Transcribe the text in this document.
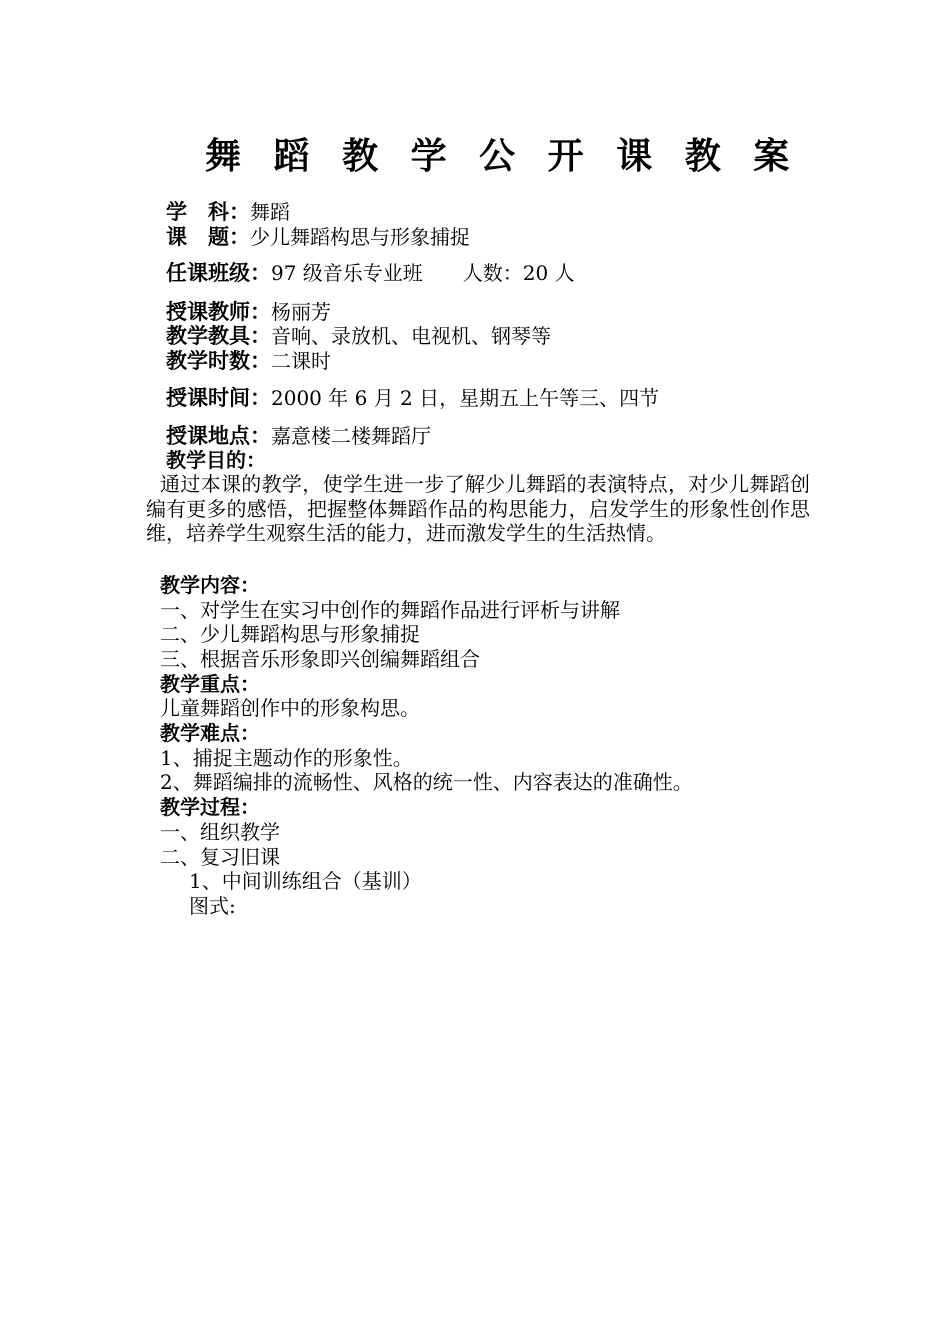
舞 蹈 教 学 公 开 课 教 案
学　科：舞蹈
课　题：少儿舞蹈构思与形象捕捉
任课班级：97 级音乐专业班　　人数：20 人
授课教师：杨丽芳
教学教具：音响、录放机、电视机、钢琴等
教学时数：二课时
授课时间：2000 年 6 月 2 日，星期五上午等三、四节
授课地点：嘉意楼二楼舞蹈厅
教学目的：
通过本课的教学，使学生进一步了解少儿舞蹈的表演特点，对少儿舞蹈创编有更多的感悟，把握整体舞蹈作品的构思能力，启发学生的形象性创作思维，培养学生观察生活的能力，进而激发学生的生活热情。
教学内容：
一、对学生在实习中创作的舞蹈作品进行评析与讲解
二、少儿舞蹈构思与形象捕捉
三、根据音乐形象即兴创编舞蹈组合
教学重点：
儿童舞蹈创作中的形象构思。
教学难点：
1、捕捉主题动作的形象性。
2、舞蹈编排的流畅性、风格的统一性、内容表达的准确性。
教学过程：
一、组织教学
二、复习旧课
1、中间训练组合（基训）
图式:
